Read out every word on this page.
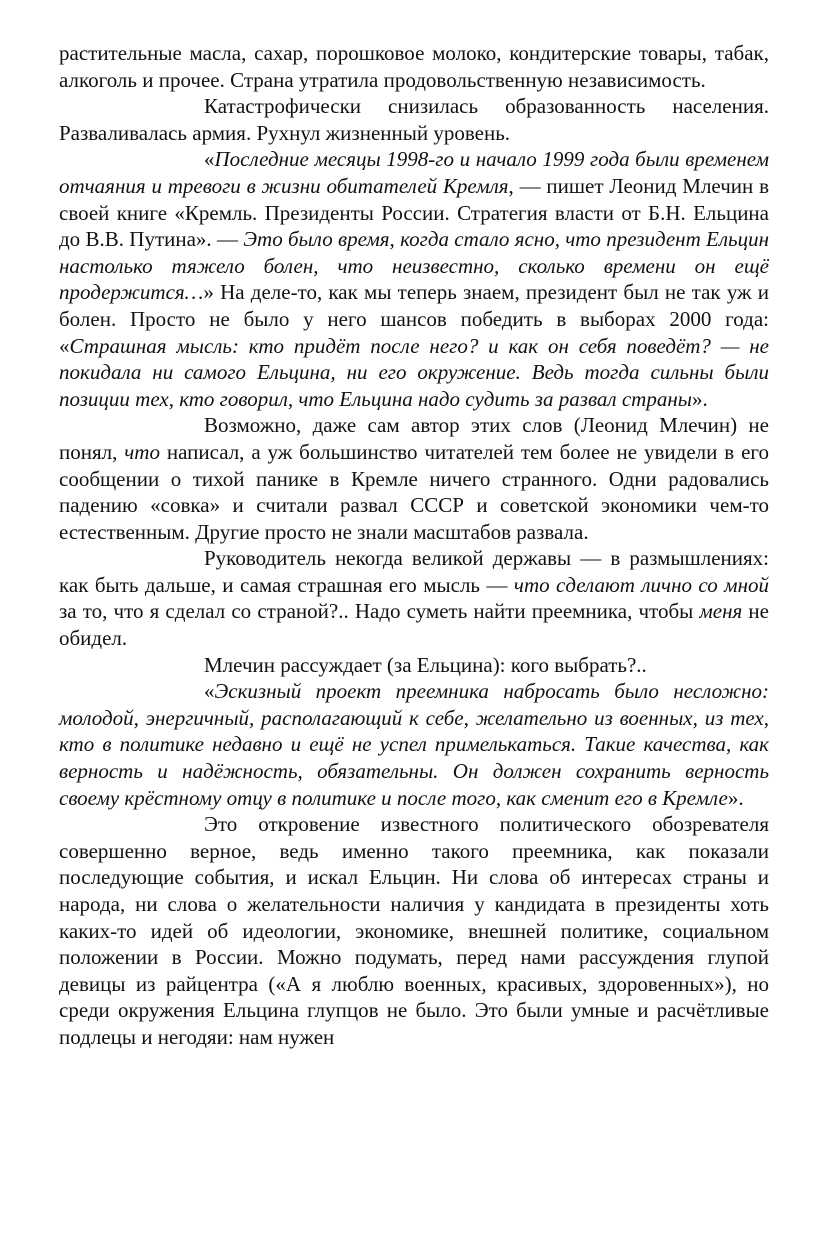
растительные масла, сахар, порошковое молоко, кондитерские товары, табак, алкоголь и прочее. Страна утратила продовольственную независимость.

Катастрофически снизилась образованность населения. Разваливалась армия. Рухнул жизненный уровень.

«Последние месяцы 1998-го и начало 1999 года были временем отчаяния и тревоги в жизни обитателей Кремля, — пишет Леонид Млечин в своей книге «Кремль. Президенты России. Стратегия власти от Б.Н. Ельцина до В.В. Путина». — Это было время, когда стало ясно, что президент Ельцин настолько тяжело болен, что неизвестно, сколько времени он ещё продержится…» На деле-то, как мы теперь знаем, президент был не так уж и болен. Просто не было у него шансов победить в выборах 2000 года: «Страшная мысль: кто придёт после него? и как он себя поведёт? — не покидала ни самого Ельцина, ни его окружение. Ведь тогда сильны были позиции тех, кто говорил, что Ельцина надо судить за развал страны».

Возможно, даже сам автор этих слов (Леонид Млечин) не понял, что написал, а уж большинство читателей тем более не увидели в его сообщении о тихой панике в Кремле ничего странного. Одни радовались падению «совка» и считали развал СССР и советской экономики чем-то естественным. Другие просто не знали масштабов развала.

Руководитель некогда великой державы — в размышлениях: как быть дальше, и самая страшная его мысль — что сделают лично со мной за то, что я сделал со страной?.. Надо суметь найти преемника, чтобы меня не обидел.

Млечин рассуждает (за Ельцина): кого выбрать?..

«Эскизный проект преемника набросать было несложно: молодой, энергичный, располагающий к себе, желательно из военных, из тех, кто в политике недавно и ещё не успел примелькаться. Такие качества, как верность и надёжность, обязательны. Он должен сохранить верность своему крёстному отцу в политике и после того, как сменит его в Кремле».

Это откровение известного политического обозревателя совершенно верное, ведь именно такого преемника, как показали последующие события, и искал Ельцин. Ни слова об интересах страны и народа, ни слова о желательности наличия у кандидата в президенты хоть каких-то идей об идеологии, экономике, внешней политике, социальном положении в России. Можно подумать, перед нами рассуждения глупой девицы из райцентра («А я люблю военных, красивых, здоровенных»), но среди окружения Ельцина глупцов не было. Это были умные и расчётливые подлецы и негодяи: нам нужен
